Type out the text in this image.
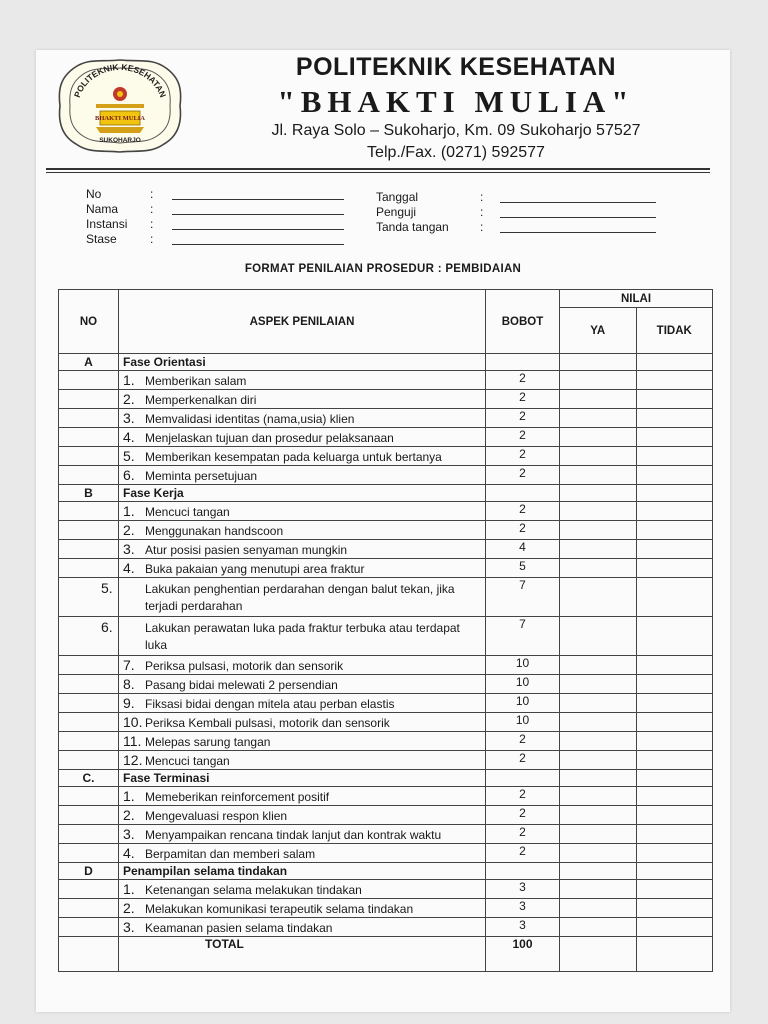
POLITEKNIK KESEHATAN
BHAKTI MULIA
SUKOHARJO
POLITEKNIK KESEHATAN
"BHAKTI MULIA"
Jl. Raya Solo – Sukoharjo, Km. 09 Sukoharjo 57527
Telp./Fax. (0271) 592577
No	:
Nama	:
Instansi :
Stase	:
Tanggal	:
Penguji	:
Tanda tangan	:
FORMAT PENILAIAN PROSEDUR : PEMBIDAIAN
NO	ASPEK PENILAIAN	BOBOT	NILAI	
			YA	TIDAK
A	Fase Orientasi			
	1. Memberikan salam	2		
	2. Memperkenalkan diri	2		
	3. Memvalidasi identitas (nama,usia) klien	2		
	4. Menjelaskan tujuan dan prosedur pelaksanaan	2		
	5. Memberikan kesempatan pada keluarga untuk bertanya	2		
	6. Meminta persetujuan	2		
B	Fase Kerja			
	1. Mencuci tangan	2		
	2. Menggunakan handscoon	2		
	3. Atur posisi pasien senyaman mungkin	4		
	4. Buka pakaian yang menutupi area fraktur	5		

	5. Lakukan penghentian perdarahan dengan balut tekan, jika terjadi perdarahan	7		

	6. Lakukan perawatan luka pada fraktur terbuka atau terdapat luka	7		
	7. Periksa pulsasi, motorik dan sensorik	10		
	8. Pasang bidai melewati 2 persendian	10		
	9. Fiksasi bidai dengan mitela atau perban elastis	10		
	10. Periksa Kembali pulsasi, motorik dan sensorik	10		
	11. Melepas sarung tangan	2		
	12. Mencuci tangan	2		
C.	Fase Terminasi			
	1. Memeberikan reinforcement positif	2		
	2. Mengevaluasi respon klien	2		
	3. Menyampaikan rencana tindak lanjut dan kontrak waktu	2		
	4. Berpamitan dan memberi salam	2		
D	Penampilan selama tindakan			
	1. Ketenangan selama melakukan tindakan	3		
	2. Melakukan komunikasi terapeutik selama tindakan	3		
	3. Keamanan pasien selama tindakan	3		
	TOTAL	100		
